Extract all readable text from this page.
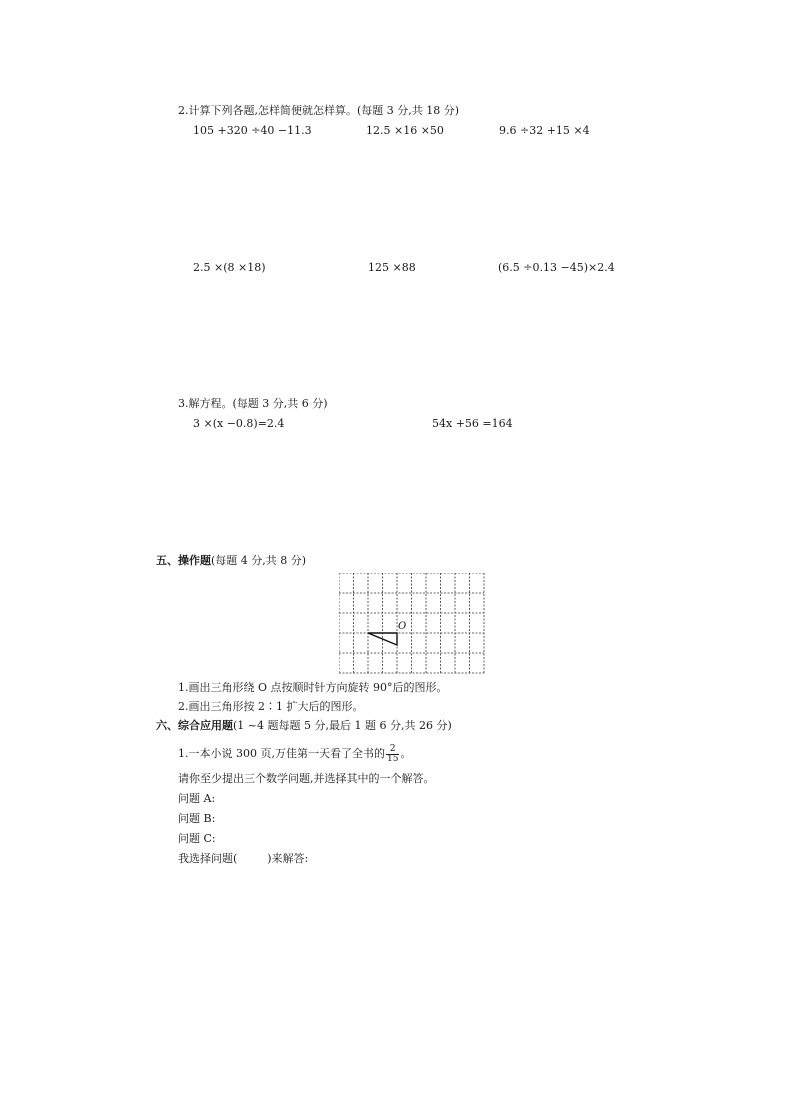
2.计算下列各题,怎样简便就怎样算。(每题 3 分,共 18 分)
105 +320 ÷40 −11.3	12.5 ×16 ×50	9.6 ÷32 +15 ×4
2.5 ×(8 ×18)	125 ×88	(6.5 ÷0.13 −45)×2.4
3.解方程。(每题 3 分,共 6 分)
3 ×(x −0.8)=2.4	54x +56 =164
五、操作题(每题 4 分,共 8 分)
O
1.画出三角形绕 O 点按顺时针方向旋转 90°后的图形。
2.画出三角形按 2∶1 扩大后的图形。
六、综合应用题(1 ~4 题每题 5 分,最后 1 题 6 分,共 26 分)
1.一本小说 300 页,万佳第一天看了全书的 $\frac{2}{15}$ 。
请你至少提出三个数学问题,并选择其中的一个解答。
问题 A:
问题 B:
问题 C:
我选择问题(	)来解答:
